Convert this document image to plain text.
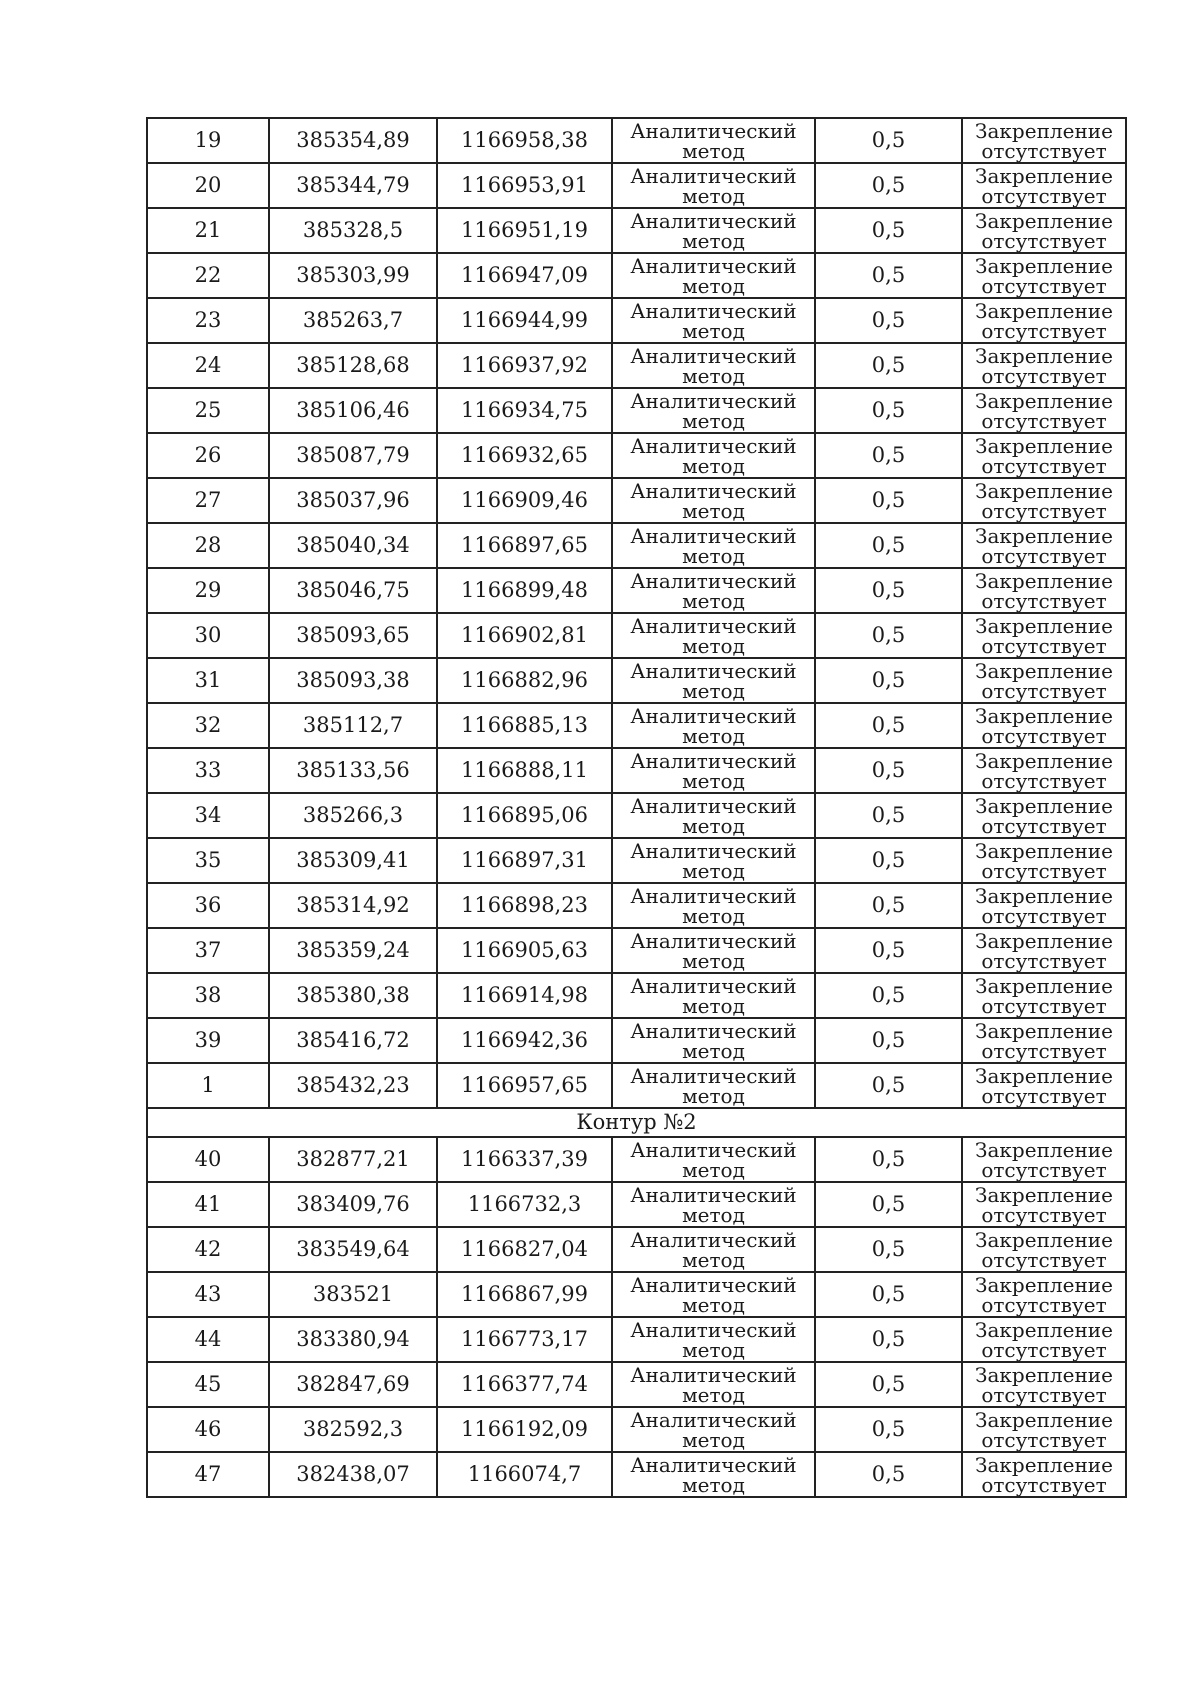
19	385354,89	1166958,38	Аналитический метод	0,5	Закрепление отсутствует
20	385344,79	1166953,91	Аналитический метод	0,5	Закрепление отсутствует
21	385328,5	1166951,19	Аналитический метод	0,5	Закрепление отсутствует
22	385303,99	1166947,09	Аналитический метод	0,5	Закрепление отсутствует
23	385263,7	1166944,99	Аналитический метод	0,5	Закрепление отсутствует
24	385128,68	1166937,92	Аналитический метод	0,5	Закрепление отсутствует
25	385106,46	1166934,75	Аналитический метод	0,5	Закрепление отсутствует
26	385087,79	1166932,65	Аналитический метод	0,5	Закрепление отсутствует
27	385037,96	1166909,46	Аналитический метод	0,5	Закрепление отсутствует
28	385040,34	1166897,65	Аналитический метод	0,5	Закрепление отсутствует
29	385046,75	1166899,48	Аналитический метод	0,5	Закрепление отсутствует
30	385093,65	1166902,81	Аналитический метод	0,5	Закрепление отсутствует
31	385093,38	1166882,96	Аналитический метод	0,5	Закрепление отсутствует
32	385112,7	1166885,13	Аналитический метод	0,5	Закрепление отсутствует
33	385133,56	1166888,11	Аналитический метод	0,5	Закрепление отсутствует
34	385266,3	1166895,06	Аналитический метод	0,5	Закрепление отсутствует
35	385309,41	1166897,31	Аналитический метод	0,5	Закрепление отсутствует
36	385314,92	1166898,23	Аналитический метод	0,5	Закрепление отсутствует
37	385359,24	1166905,63	Аналитический метод	0,5	Закрепление отсутствует
38	385380,38	1166914,98	Аналитический метод	0,5	Закрепление отсутствует
39	385416,72	1166942,36	Аналитический метод	0,5	Закрепление отсутствует
1	385432,23	1166957,65	Аналитический метод	0,5	Закрепление отсутствует
Контур №2					
40	382877,21	1166337,39	Аналитический метод	0,5	Закрепление отсутствует
41	383409,76	1166732,3	Аналитический метод	0,5	Закрепление отсутствует
42	383549,64	1166827,04	Аналитический метод	0,5	Закрепление отсутствует
43	383521	1166867,99	Аналитический метод	0,5	Закрепление отсутствует
44	383380,94	1166773,17	Аналитический метод	0,5	Закрепление отсутствует
45	382847,69	1166377,74	Аналитический метод	0,5	Закрепление отсутствует
46	382592,3	1166192,09	Аналитический метод	0,5	Закрепление отсутствует
47	382438,07	1166074,7	Аналитический метод	0,5	Закрепление отсутствует
